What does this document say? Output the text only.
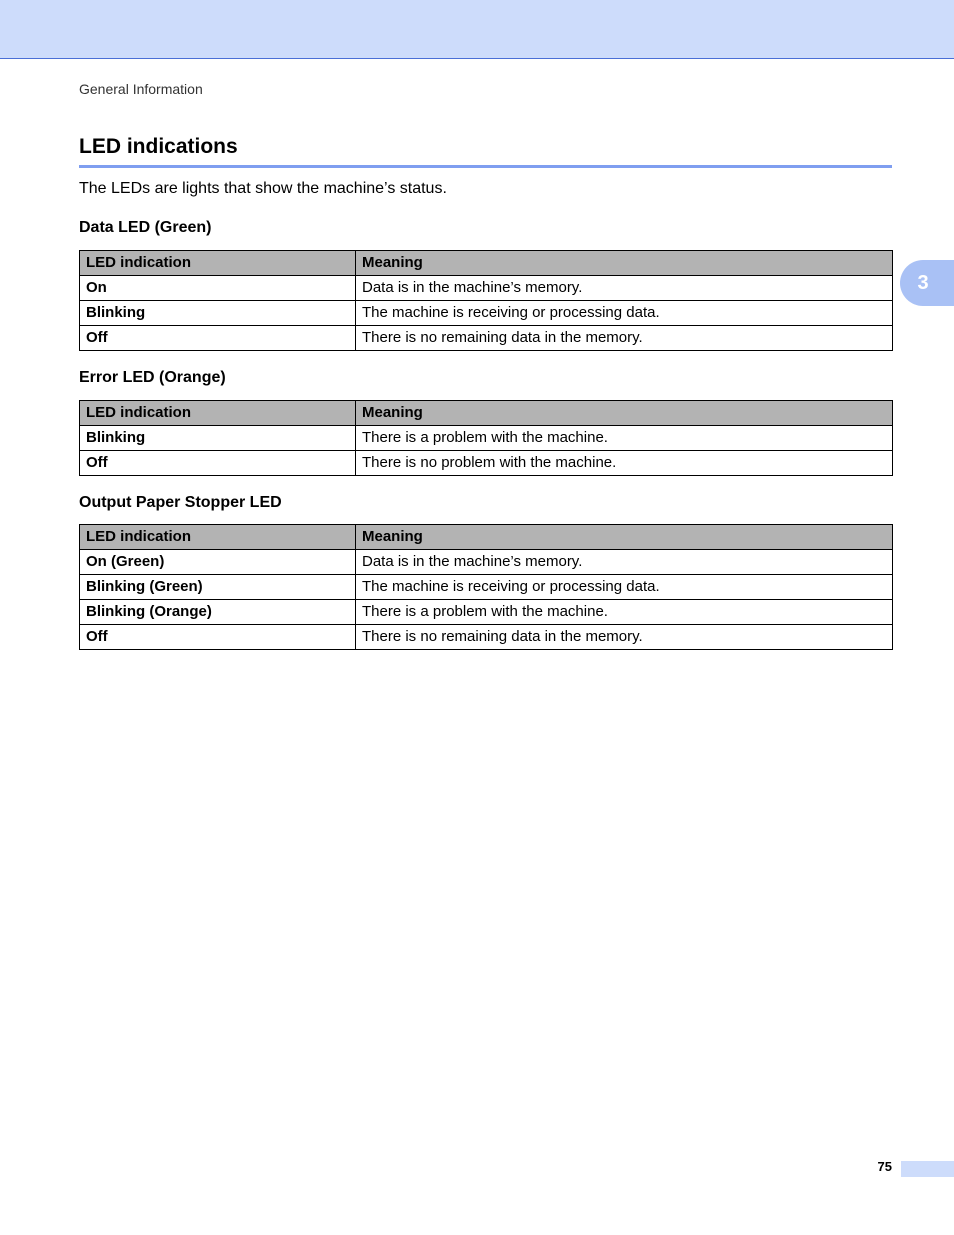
General Information
LED indications

The LEDs are lights that show the machine’s status.

Data LED (Green)
LED indication	Meaning
On	Data is in the machine’s memory.
Blinking	The machine is receiving or processing data.
Off	There is no remaining data in the memory.
Error LED (Orange)
LED indication	Meaning
Blinking	There is a problem with the machine.
Off	There is no problem with the machine.
Output Paper Stopper LED
LED indication	Meaning
On (Green)	Data is in the machine’s memory.
Blinking (Green)	The machine is receiving or processing data.
Blinking (Orange)	There is a problem with the machine.
Off	There is no remaining data in the memory.
3
75
